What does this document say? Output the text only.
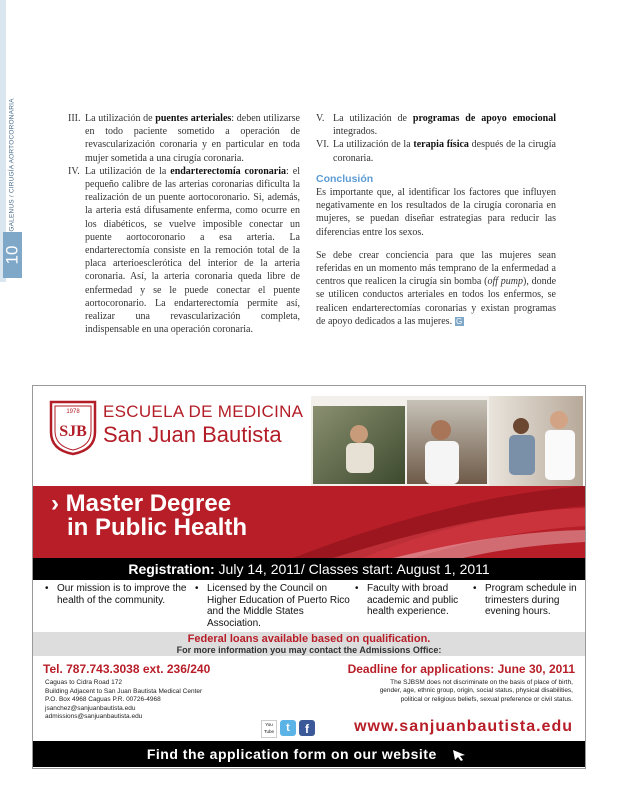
GALENUS / CIRUGÍA AORTOCORONARIA
10
III. La utilización de puentes arteriales: deben utilizarse en todo paciente sometido a operación de revascularización coronaria y en particular en toda mujer sometida a una cirugía coronaria.
IV. La utilización de la endarterectomía coronaria: el pequeño calibre de las arterias coronarias dificulta la realización de un puente aortocoronario. Si, además, la arteria está difusamente enferma, como ocurre en los diabéticos, se vuelve imposible conectar un puente aortocoronario a esa arteria. La endarterectomía consiste en la remoción total de la placa arterioesclerótica del interior de la arteria coronaria. Así, la arteria coronaria queda libre de enfermedad y se le puede conectar el puente aortocoronario. La endarterectomía permite así, realizar una revascularización completa, indispensable en una operación coronaria.
V. La utilización de programas de apoyo emocional integrados.
VI. La utilización de la terapia física después de la cirugía coronaria.
Conclusión

Es importante que, al identificar los factores que influyen negativamente en los resultados de la cirugía coronaria en mujeres, se puedan diseñar estrategias para reducir las diferencias entre los sexos.

Se debe crear conciencia para que las mujeres sean referidas en un momento más temprano de la enfermedad a centros que realicen la cirugía sin bomba (off pump), donde se utilicen conductos arteriales en todos los enfermos, se realicen endarterectomías coronarias y existan programas de apoyo dedicados a las mujeres. G

1978
SJB
ESCUELA DE MEDICINA
San Juan Bautista
› Master Degree
in Public Health
Registration: July 14, 2011/ Classes start: August 1, 2011
• Our mission is to improve the health of the community.
• Licensed by the Council on Higher Education of Puerto Rico and the Middle States Association.
• Faculty with broad academic and public health experience.
• Program schedule in trimesters during evening hours.
Federal loans available based on qualification.
For more information you may contact the Admissions Office:
Tel. 787.743.3038 ext. 236/240
Caguas to Cidra Road 172
Building Adjacent to San Juan Bautista Medical Center
P.O. Box 4968 Caguas P.R. 00726-4968
jsanchez@sanjuanbautista.edu
admissions@sanjuanbautista.edu
Deadline for applications: June 30, 2011
The SJBSM does not discriminate on the basis of place of birth, gender, age, ethnic group, origin, social status, physical disabilities, political or religious beliefs, sexual preference or civil status.
You Tube	t	f	www.sanjuanbautista.edu
Find the application form on our website
